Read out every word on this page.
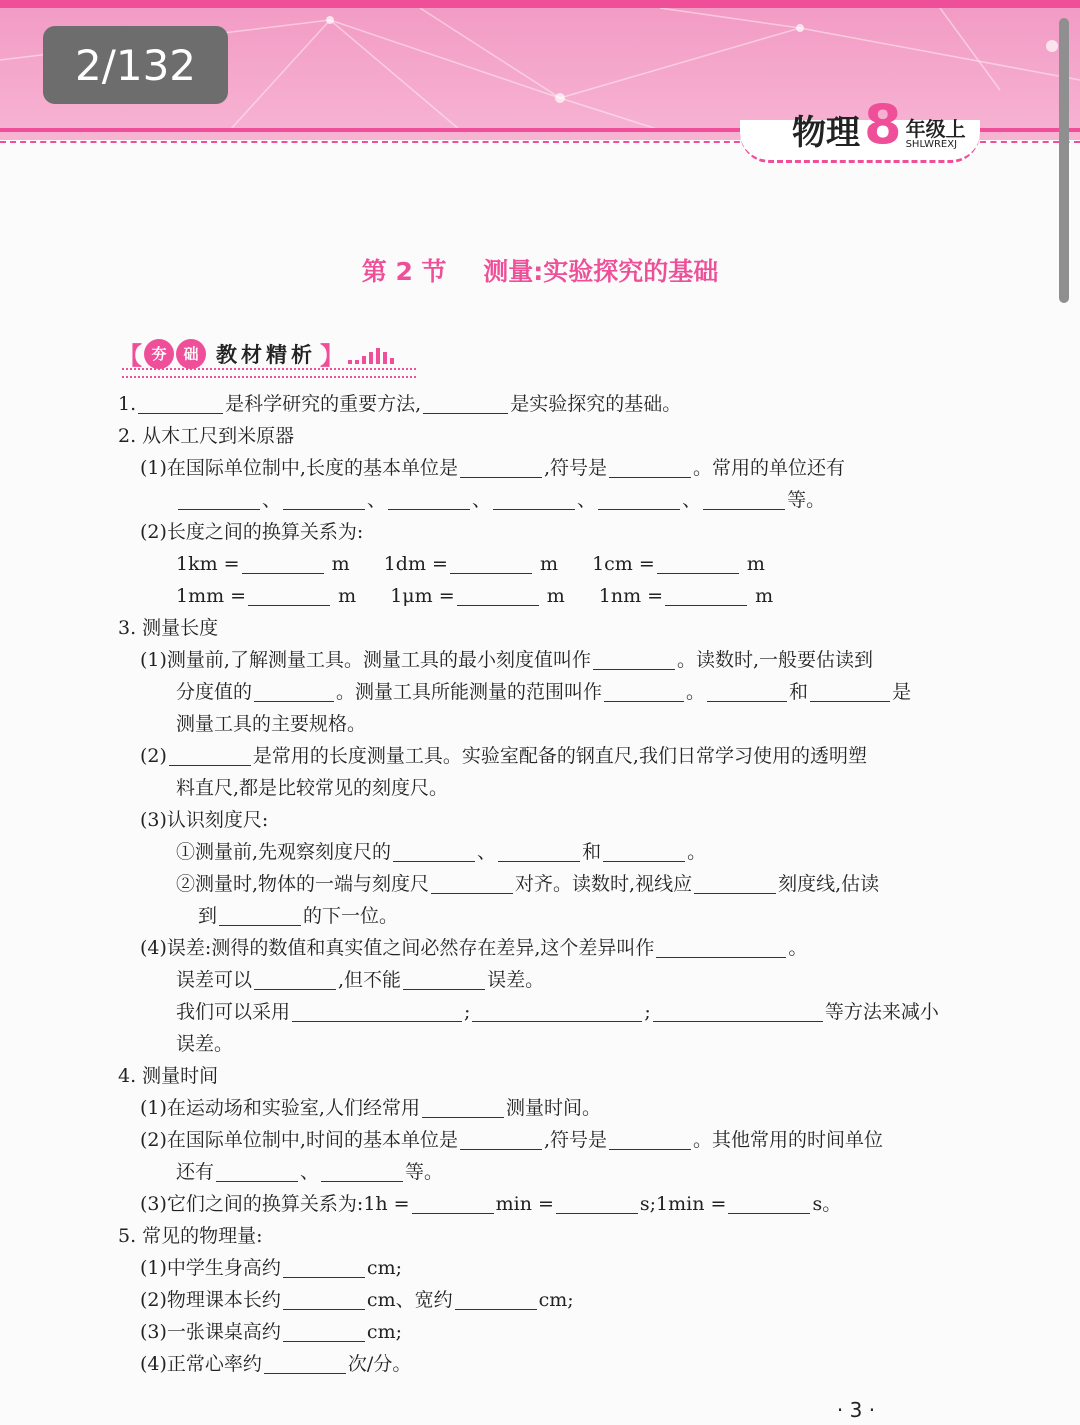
2/132
物理 8 年级上
SHLWREXJ
第 2 节 测量:实验探究的基础
【 夯	础 教材精析 】
1.	是科学研究的重要方法,	是实验探究的基础。
2. 从木工尺到米原器
(1)在国际单位制中,长度的基本单位是	,符号是	。常用的单位还有
、	、	、	、	、	等。
(2)长度之间的换算关系为:
1km =	m 1dm =	m 1cm =	m
1mm =	m 1μm =	m 1nm =	m
3. 测量长度
(1)测量前,了解测量工具。测量工具的最小刻度值叫作	。读数时,一般要估读到
分度值的	。测量工具所能测量的范围叫作	。	和	是
测量工具的主要规格。
(2)	是常用的长度测量工具。实验室配备的钢直尺,我们日常学习使用的透明塑
料直尺,都是比较常见的刻度尺。
(3)认识刻度尺:
①测量前,先观察刻度尺的	、	和	。
②测量时,物体的一端与刻度尺	对齐。读数时,视线应	刻度线,估读
到	的下一位。
(4)误差:测得的数值和真实值之间必然存在差异,这个差异叫作	。
误差可以	,但不能	误差。
我们可以采用	;	;	等方法来减小
误差。
4. 测量时间
(1)在运动场和实验室,人们经常用	测量时间。
(2)在国际单位制中,时间的基本单位是	,符号是	。其他常用的时间单位
还有	、	等。
(3)它们之间的换算关系为:1h =	min =	s;1min =	s。
5. 常见的物理量:
(1)中学生身高约	cm;
(2)物理课本长约	cm、宽约	cm;
(3)一张课桌高约	cm;
(4)正常心率约	次/分。
· 3 ·
